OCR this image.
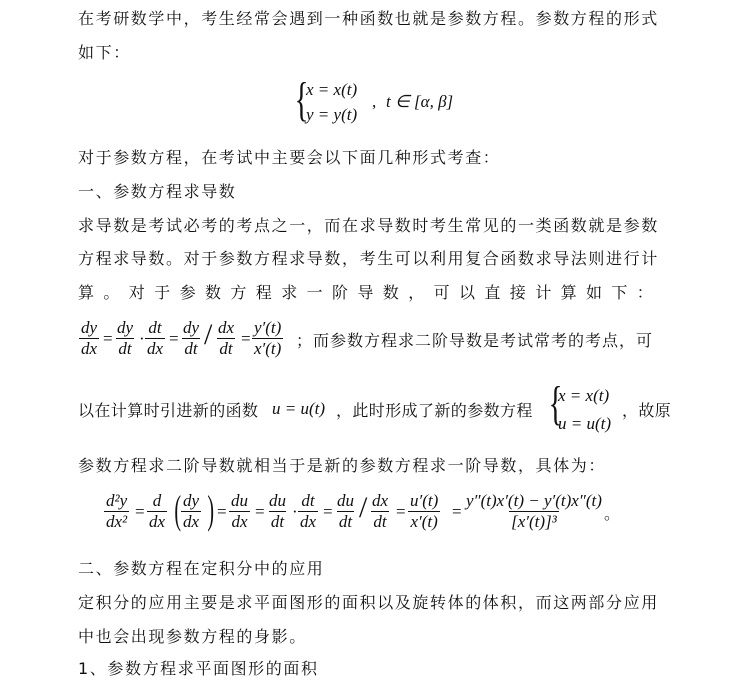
在考研数学中，考生经常会遇到一种函数也就是参数方程。参数方程的形式
如下：
{
x = x(t)
y = y(t)
, t ∈ [α, β]
对于参数方程，在考试中主要会以下面几种形式考查：
一、参数方程求导数
求导数是考试必考的考点之一，而在求导数时考生常见的一类函数就是参数
方程求导数。对于参数方程求导数，考生可以利用复合函数求导法则进行计
算。对于参数方程求一阶导数，可以直接计算如下：
$\frac{dy}{dx} = \frac{dy}{dt} \cdot \frac{dt}{dx} = \frac{dy}{dt} / \frac{dx}{dt} = \frac{y'(t)}{x'(t)}$ ；而参数方程求二阶导数是考试常考的考点，可
以在计算时引进新的函数 u = u(t) ，此时形成了新的参数方程 {
x = x(t)
u = u(t)
，故原
参数方程求二阶导数就相当于是新的参数方程求一阶导数，具体为：
$\frac{\text{d²y}}{\text{dx²}} = \frac{d}{dx}$ ( $\frac{dy}{dx}$ ) = $\frac{du}{dx} = \frac{du}{dt} \cdot \frac{dt}{dx} = \frac{du}{dt} / \frac{dx}{dt} = \frac{u'(t)}{x'(t)} = \frac{y''(t)x'(t) - y'(t)x''(t)}{\text{[x′(t)]³}}$ 。
二、参数方程在定积分中的应用
定积分的应用主要是求平面图形的面积以及旋转体的体积，而这两部分应用
中也会出现参数方程的身影。
1、参数方程求平面图形的面积
